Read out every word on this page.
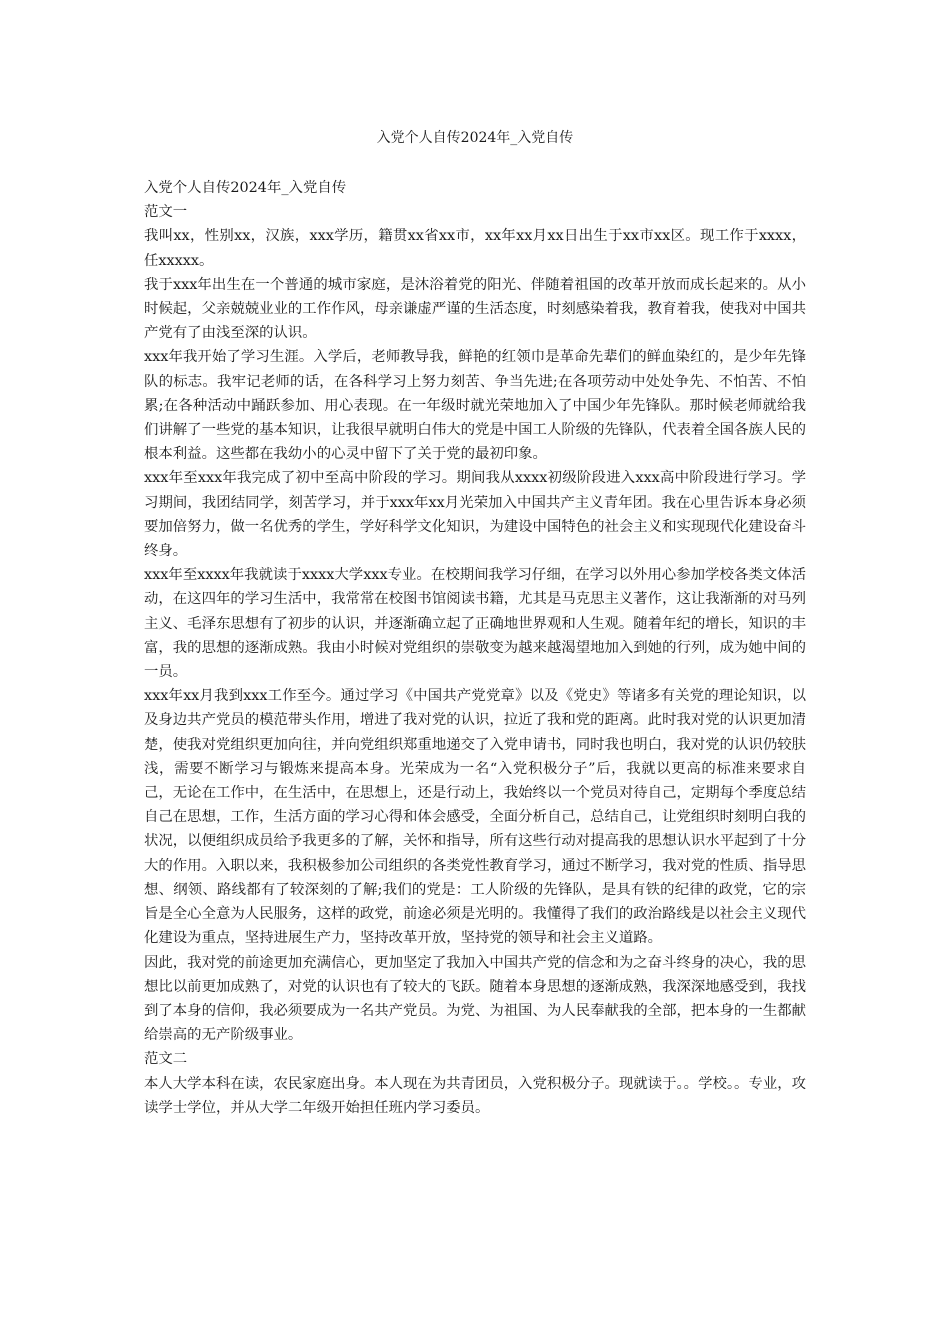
入党个人自传2024年_入党自传

入党个人自传2024年_入党自传

范文一

我叫xx，性别xx，汉族，xxx学历，籍贯xx省xx市，xx年xx月xx日出生于xx市xx区。现工作于xxxx，任xxxxx。

我于xxx年出生在一个普通的城市家庭，是沐浴着党的阳光、伴随着祖国的改革开放而成长起来的。从小时候起，父亲兢兢业业的工作作风，母亲谦虚严谨的生活态度，时刻感染着我，教育着我，使我对中国共产党有了由浅至深的认识。

xxx年我开始了学习生涯。入学后，老师教导我，鲜艳的红领巾是革命先辈们的鲜血染红的，是少年先锋队的标志。我牢记老师的话，在各科学习上努力刻苦、争当先进;在各项劳动中处处争先、不怕苦、不怕累;在各种活动中踊跃参加、用心表现。在一年级时就光荣地加入了中国少年先锋队。那时候老师就给我们讲解了一些党的基本知识，让我很早就明白伟大的党是中国工人阶级的先锋队，代表着全国各族人民的根本利益。这些都在我幼小的心灵中留下了关于党的最初印象。

xxx年至xxx年我完成了初中至高中阶段的学习。期间我从xxxx初级阶段进入xxx高中阶段进行学习。学习期间，我团结同学，刻苦学习，并于xxx年xx月光荣加入中国共产主义青年团。我在心里告诉本身必须要加倍努力，做一名优秀的学生，学好科学文化知识，为建设中国特色的社会主义和实现现代化建设奋斗终身。

xxx年至xxxx年我就读于xxxx大学xxx专业。在校期间我学习仔细，在学习以外用心参加学校各类文体活动，在这四年的学习生活中，我常常在校图书馆阅读书籍，尤其是马克思主义著作，这让我渐渐的对马列主义、毛泽东思想有了初步的认识，并逐渐确立起了正确地世界观和人生观。随着年纪的增长，知识的丰富，我的思想的逐渐成熟。我由小时候对党组织的崇敬变为越来越渴望地加入到她的行列，成为她中间的一员。

xxx年xx月我到xxx工作至今。通过学习《中国共产党党章》以及《党史》等诸多有关党的理论知识，以及身边共产党员的模范带头作用，增进了我对党的认识，拉近了我和党的距离。此时我对党的认识更加清楚，使我对党组织更加向往，并向党组织郑重地递交了入党申请书，同时我也明白，我对党的认识仍较肤浅，需要不断学习与锻炼来提高本身。光荣成为一名“入党积极分子”后，我就以更高的标准来要求自己，无论在工作中，在生活中，在思想上，还是行动上，我始终以一个党员对待自己，定期每个季度总结自己在思想，工作，生活方面的学习心得和体会感受，全面分析自己，总结自己，让党组织时刻明白我的状况，以便组织成员给予我更多的了解，关怀和指导，所有这些行动对提高我的思想认识水平起到了十分大的作用。入职以来，我积极参加公司组织的各类党性教育学习，通过不断学习，我对党的性质、指导思想、纲领、路线都有了较深刻的了解;我们的党是：工人阶级的先锋队，是具有铁的纪律的政党，它的宗旨是全心全意为人民服务，这样的政党，前途必须是光明的。我懂得了我们的政治路线是以社会主义现代化建设为重点，坚持进展生产力，坚持改革开放，坚持党的领导和社会主义道路。

因此，我对党的前途更加充满信心，更加坚定了我加入中国共产党的信念和为之奋斗终身的决心，我的思想比以前更加成熟了，对党的认识也有了较大的飞跃。随着本身思想的逐渐成熟，我深深地感受到，我找到了本身的信仰，我必须要成为一名共产党员。为党、为祖国、为人民奉献我的全部，把本身的一生都献给崇高的无产阶级事业。

范文二

本人大学本科在读，农民家庭出身。本人现在为共青团员，入党积极分子。现就读于。。学校。。专业，攻读学士学位，并从大学二年级开始担任班内学习委员。
